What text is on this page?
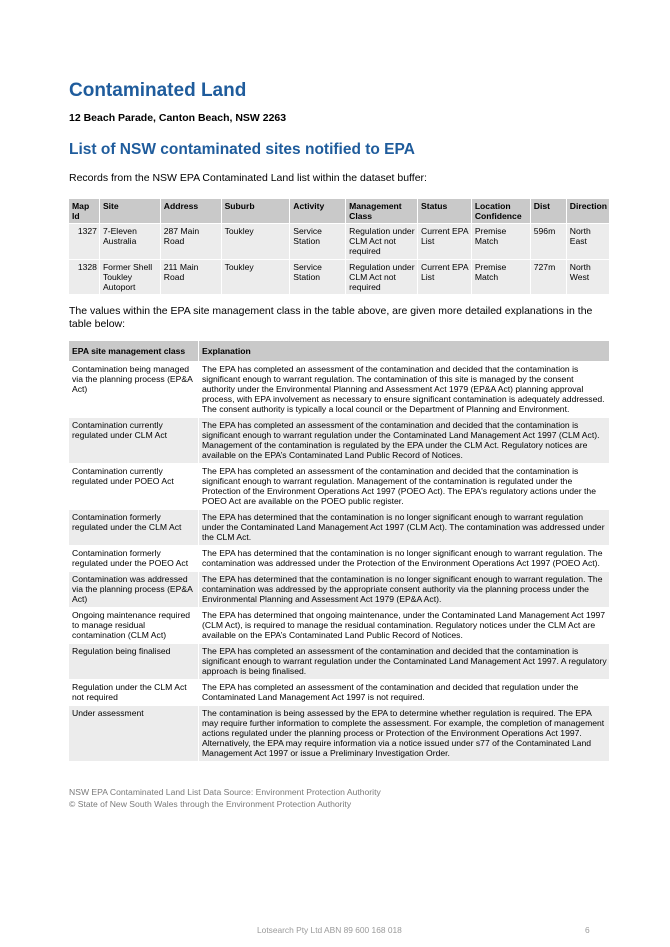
Contaminated Land
12 Beach Parade, Canton Beach, NSW 2263
List of NSW contaminated sites notified to EPA
Records from the NSW EPA Contaminated Land list within the dataset buffer:
Map Id	Site	Address	Suburb	Activity	Management Class	Status	Location Confidence	Dist	Direction
1327	7-Eleven Australia	287 Main Road	Toukley	Service Station	Regulation under CLM Act not required	Current EPA List	Premise Match	596m	North East
1328	Former Shell Toukley Autoport	211 Main Road	Toukley	Service Station	Regulation under CLM Act not required	Current EPA List	Premise Match	727m	North West
The values within the EPA site management class in the table above, are given more detailed explanations in the table below:
EPA site management class	Explanation
Contamination being managed via the planning process (EP&A Act)	The EPA has completed an assessment of the contamination and decided that the contamination is significant enough to warrant regulation. The contamination of this site is managed by the consent authority under the Environmental Planning and Assessment Act 1979 (EP&A Act) planning approval process, with EPA involvement as necessary to ensure significant contamination is adequately addressed. The consent authority is typically a local council or the Department of Planning and Environment.
Contamination currently regulated under CLM Act	The EPA has completed an assessment of the contamination and decided that the contamination is significant enough to warrant regulation under the Contaminated Land Management Act 1997 (CLM Act). Management of the contamination is regulated by the EPA under the CLM Act. Regulatory notices are available on the EPA’s Contaminated Land Public Record of Notices.
Contamination currently regulated under POEO Act	The EPA has completed an assessment of the contamination and decided that the contamination is significant enough to warrant regulation. Management of the contamination is regulated under the Protection of the Environment Operations Act 1997 (POEO Act). The EPA's regulatory actions under the POEO Act are available on the POEO public register.
Contamination formerly regulated under the CLM Act	The EPA has determined that the contamination is no longer significant enough to warrant regulation under the Contaminated Land Management Act 1997 (CLM Act). The contamination was addressed under the CLM Act.
Contamination formerly regulated under the POEO Act	The EPA has determined that the contamination is no longer significant enough to warrant regulation. The contamination was addressed under the Protection of the Environment Operations Act 1997 (POEO Act).
Contamination was addressed via the planning process (EP&A Act)	The EPA has determined that the contamination is no longer significant enough to warrant regulation. The contamination was addressed by the appropriate consent authority via the planning process under the Environmental Planning and Assessment Act 1979 (EP&A Act).
Ongoing maintenance required to manage residual contamination (CLM Act)	The EPA has determined that ongoing maintenance, under the Contaminated Land Management Act 1997 (CLM Act), is required to manage the residual contamination. Regulatory notices under the CLM Act are available on the EPA’s Contaminated Land Public Record of Notices.
Regulation being finalised	The EPA has completed an assessment of the contamination and decided that the contamination is significant enough to warrant regulation under the Contaminated Land Management Act 1997. A regulatory approach is being finalised.
Regulation under the CLM Act not required	The EPA has completed an assessment of the contamination and decided that regulation under the Contaminated Land Management Act 1997 is not required.
Under assessment	The contamination is being assessed by the EPA to determine whether regulation is required. The EPA may require further information to complete the assessment. For example, the completion of management actions regulated under the planning process or Protection of the Environment Operations Act 1997. Alternatively, the EPA may require information via a notice issued under s77 of the Contaminated Land Management Act 1997 or issue a Preliminary Investigation Order.
NSW EPA Contaminated Land List Data Source: Environment Protection Authority
© State of New South Wales through the Environment Protection Authority
Lotsearch Pty Ltd ABN 89 600 168 018	6
